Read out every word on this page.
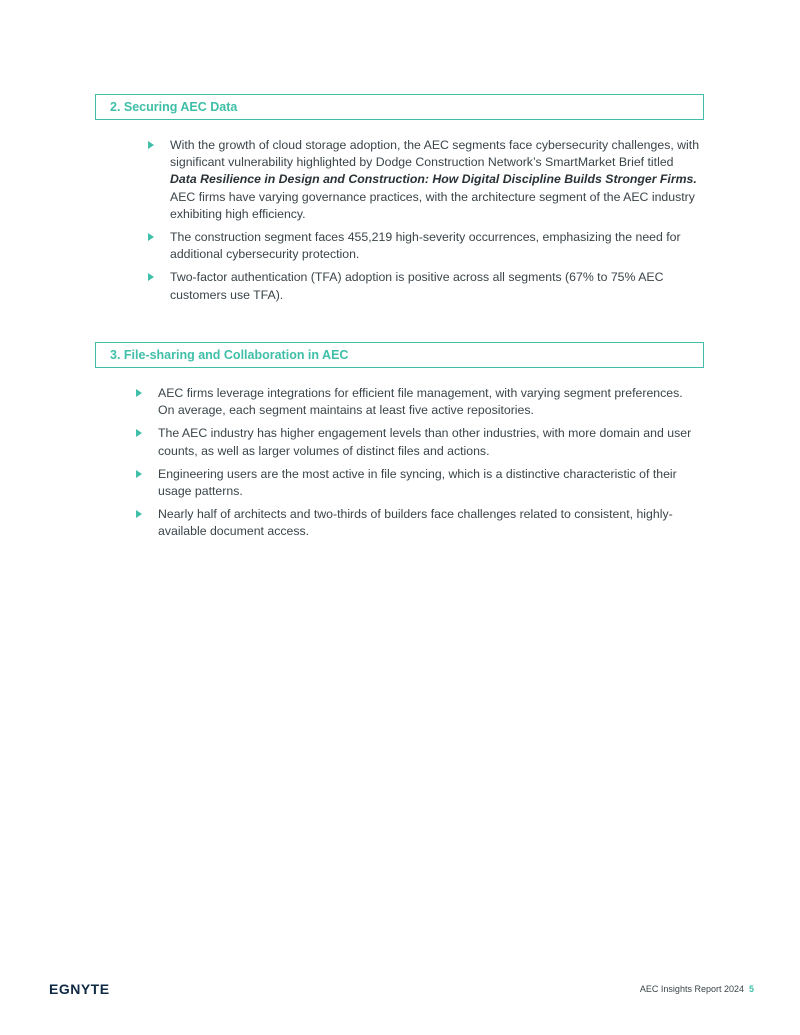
2. Securing AEC Data
With the growth of cloud storage adoption, the AEC segments face cybersecurity challenges, with significant vulnerability highlighted by Dodge Construction Network’s SmartMarket Brief titled
Data Resilience in Design and Construction: How Digital Discipline Builds Stronger Firms.
AEC firms have varying governance practices, with the architecture segment of the AEC industry exhibiting high efficiency.
The construction segment faces 455,219 high-severity occurrences, emphasizing the need for additional cybersecurity protection.
Two-factor authentication (TFA) adoption is positive across all segments (67% to 75% AEC customers use TFA).
3. File-sharing and Collaboration in AEC
AEC firms leverage integrations for efficient file management, with varying segment preferences. On average, each segment maintains at least five active repositories.
The AEC industry has higher engagement levels than other industries, with more domain and user counts, as well as larger volumes of distinct files and actions.
Engineering users are the most active in file syncing, which is a distinctive characteristic of their usage patterns.
Nearly half of architects and two-thirds of builders face challenges related to consistent, highly-available document access.
EGNYTE	AEC Insights Report 2024 5
